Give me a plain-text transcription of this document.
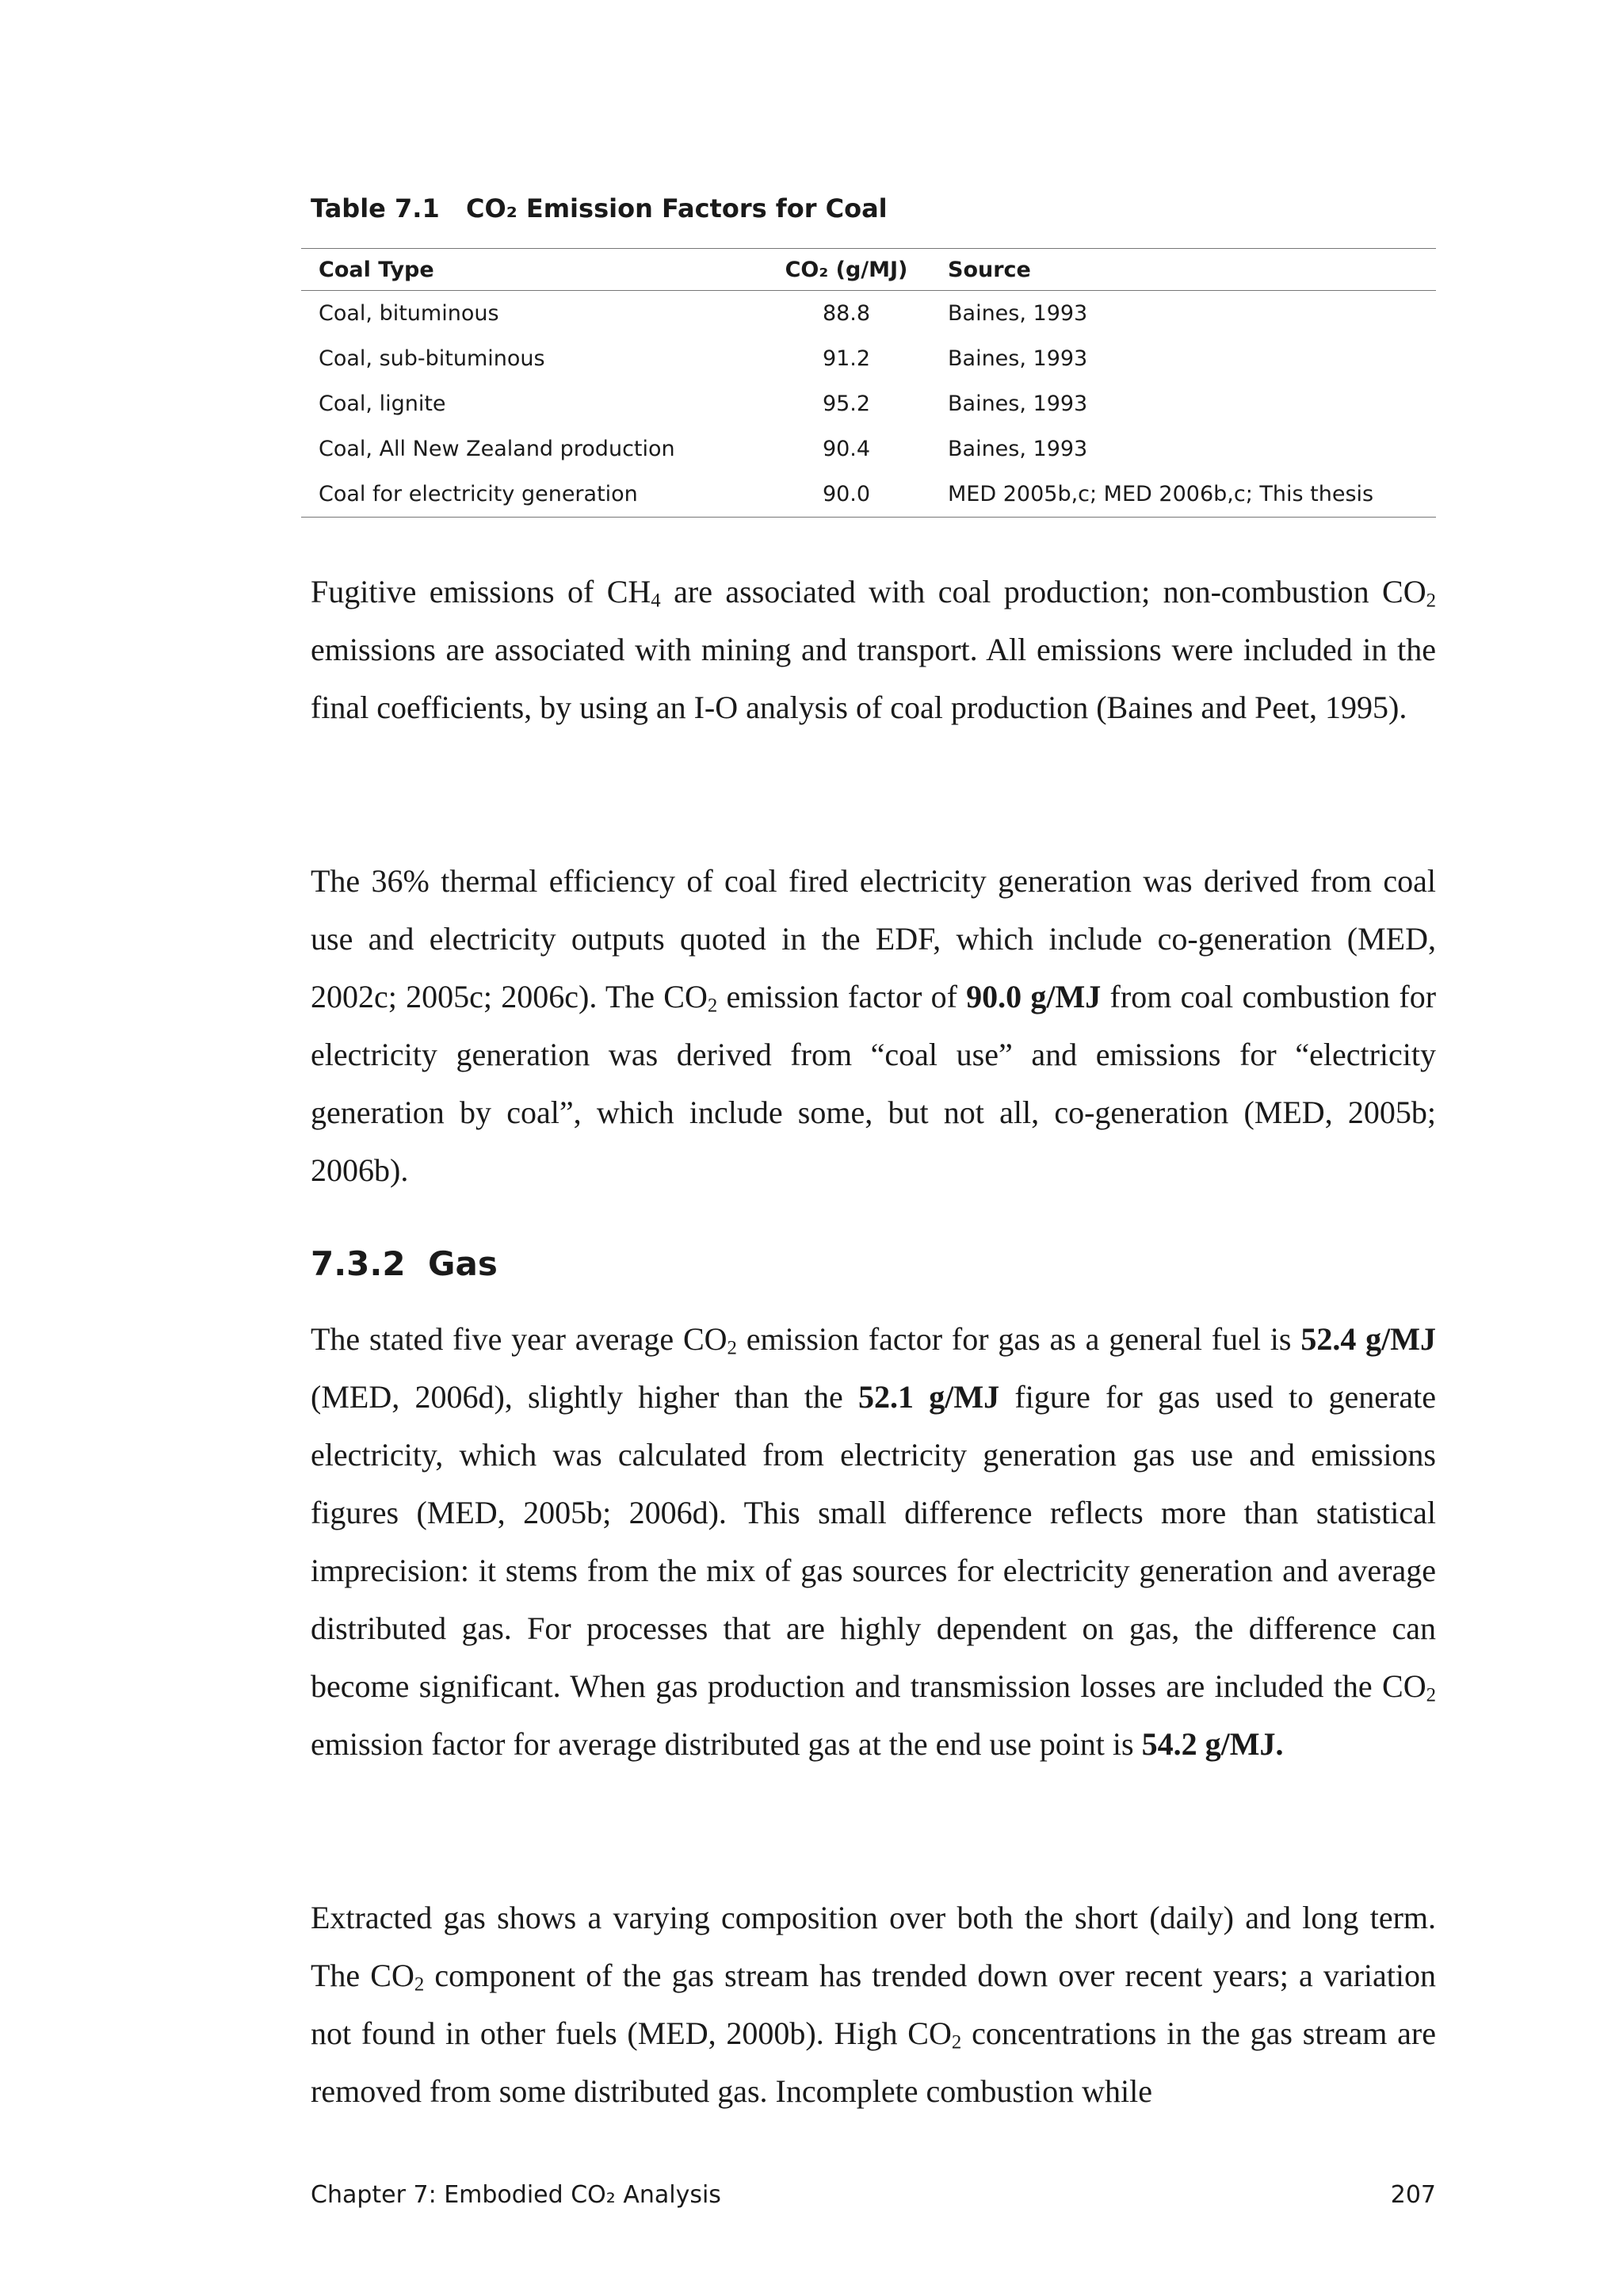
Table 7.1 CO₂ Emission Factors for Coal
Coal Type	CO₂ (g/MJ)	Source
Coal, bituminous	88.8	Baines, 1993
Coal, sub-bituminous	91.2	Baines, 1993
Coal, lignite	95.2	Baines, 1993
Coal, All New Zealand production	90.4	Baines, 1993
Coal for electricity generation	90.0	MED 2005b,c; MED 2006b,c; This thesis

Fugitive emissions of $CH_4$ are associated with coal production; non-combustion $CO_2$ emissions are associated with mining and transport. All emissions were included in the final coefficients, by using an I-O analysis of coal production (Baines and Peet, 1995).

The 36% thermal efficiency of coal fired electricity generation was derived from coal use and electricity outputs quoted in the EDF, which include co-generation (MED, 2002c; 2005c; 2006c). The $CO_2$ emission factor of 90.0 g/MJ from coal combustion for electricity generation was derived from “coal use” and emissions for “electricity generation by coal”, which include some, but not all, co-generation (MED, 2005b; 2006b).

7.3.2 Gas

The stated five year average $CO_2$ emission factor for gas as a general fuel is 52.4 g/MJ (MED, 2006d), slightly higher than the 52.1 g/MJ figure for gas used to generate electricity, which was calculated from electricity generation gas use and emissions figures (MED, 2005b; 2006d). This small difference reflects more than statistical imprecision: it stems from the mix of gas sources for electricity generation and average distributed gas. For processes that are highly dependent on gas, the difference can become significant. When gas production and transmission losses are included the $CO_2$ emission factor for average distributed gas at the end use point is 54.2 g/MJ.

Extracted gas shows a varying composition over both the short (daily) and long term. The $CO_2$ component of the gas stream has trended down over recent years; a variation not found in other fuels (MED, 2000b). High $CO_2$ concentrations in the gas stream are removed from some distributed gas. Incomplete combustion while

Chapter 7: Embodied CO₂ Analysis	207
